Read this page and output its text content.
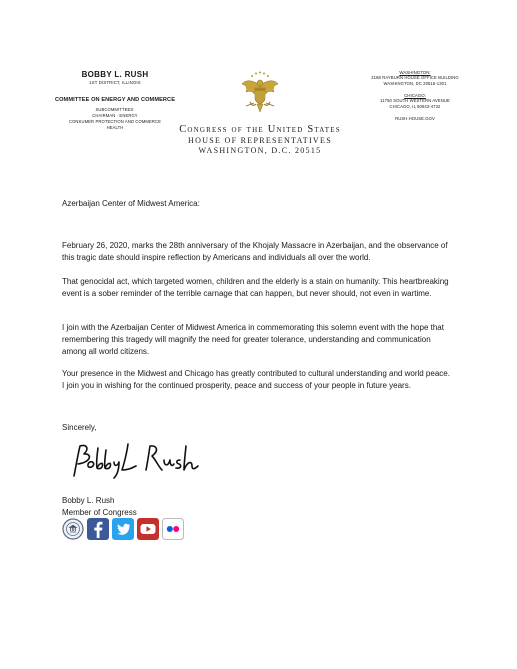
BOBBY L. RUSH
1ST DISTRICT, ILLINOIS
COMMITTEE ON ENERGY AND COMMERCE
SUBCOMMITTEES:
CHAIRMAN · ENERGY
CONSUMER PROTECTION AND COMMERCE
HEALTH	Congress of the United States
HOUSE OF REPRESENTATIVES
WASHINGTON, D.C. 20515
WASHINGTON:
2188 RAYBURN HOUSE OFFICE BUILDING
WASHINGTON, DC 20515-1301
CHICAGO:
11750 SOUTH WESTERN AVENUE
CHICAGO, IL 60643-4732
RUSH.HOUSE.GOV
Azerbaijan Center of Midwest America:
February 26, 2020, marks the 28th anniversary of the Khojaly Massacre in Azerbaijan, and the observance of this tragic date should inspire reflection by Americans and individuals all over the world.
That genocidal act, which targeted women, children and the elderly is a stain on humanity. This heartbreaking event is a sober reminder of the terrible carnage that can happen, but never should, not even in wartime.
I join with the Azerbaijan Center of Midwest America in commemorating this solemn event with the hope that remembering this tragedy will magnify the need for greater tolerance, understanding and communication among all world citizens.
Your presence in the Midwest and Chicago has greatly contributed to cultural understanding and world peace. I join you in wishing for the continued prosperity, peace and success of your people in future years.
Sincerely,
Bobby L. Rush
Member of Congress
